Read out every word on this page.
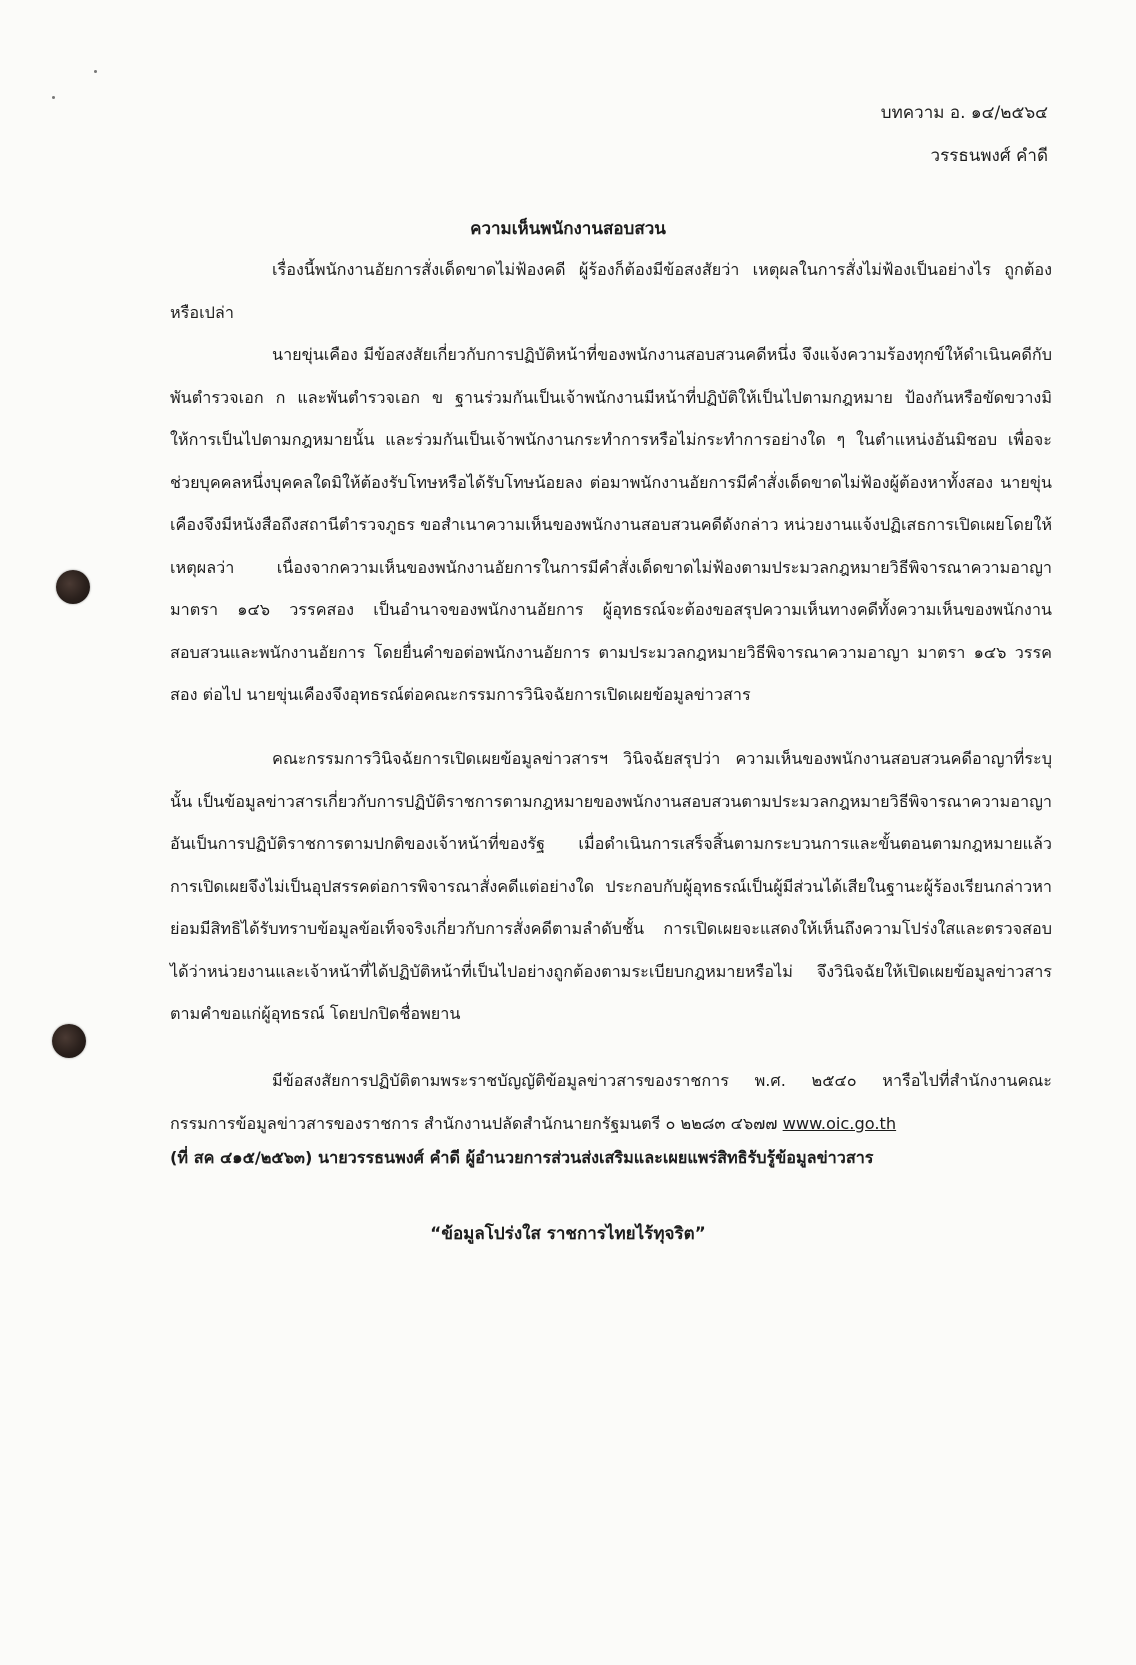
บทความ อ. ๑๔/๒๕๖๔
วรรธนพงศ์ คำดี
ความเห็นพนักงานสอบสวน

เรื่องนี้พนักงานอัยการสั่งเด็ดขาดไม่ฟ้องคดี ผู้ร้องก็ต้องมีข้อสงสัยว่า เหตุผลในการสั่งไม่ฟ้องเป็นอย่างไร ถูกต้องหรือเปล่า

นายขุ่นเคือง มีข้อสงสัยเกี่ยวกับการปฏิบัติหน้าที่ของพนักงานสอบสวนคดีหนึ่ง จึงแจ้งความร้องทุกข์ให้ดำเนินคดีกับพันตำรวจเอก ก และพันตำรวจเอก ข ฐานร่วมกันเป็นเจ้าพนักงานมีหน้าที่ปฏิบัติให้เป็นไปตามกฎหมาย ป้องกันหรือขัดขวางมิให้การเป็นไปตามกฎหมายนั้น และร่วมกันเป็นเจ้าพนักงานกระทำการหรือไม่กระทำการอย่างใด ๆ ในตำแหน่งอันมิชอบ เพื่อจะช่วยบุคคลหนึ่งบุคคลใดมิให้ต้องรับโทษหรือได้รับโทษน้อยลง ต่อมาพนักงานอัยการมีคำสั่งเด็ดขาดไม่ฟ้องผู้ต้องหาทั้งสอง นายขุ่นเคืองจึงมีหนังสือถึงสถานีตำรวจภูธร ขอสำเนาความเห็นของพนักงานสอบสวนคดีดังกล่าว หน่วยงานแจ้งปฏิเสธการเปิดเผยโดยให้เหตุผลว่า เนื่องจากความเห็นของพนักงานอัยการในการมีคำสั่งเด็ดขาดไม่ฟ้องตามประมวลกฎหมายวิธีพิจารณาความอาญา มาตรา ๑๔๖ วรรคสอง เป็นอำนาจของพนักงานอัยการ ผู้อุทธรณ์จะต้องขอสรุปความเห็นทางคดีทั้งความเห็นของพนักงานสอบสวนและพนักงานอัยการ โดยยื่นคำขอต่อพนักงานอัยการ ตามประมวลกฎหมายวิธีพิจารณาความอาญา มาตรา ๑๔๖ วรรคสอง ต่อไป นายขุ่นเคืองจึงอุทธรณ์ต่อคณะกรรมการวินิจฉัยการเปิดเผยข้อมูลข่าวสาร

คณะกรรมการวินิจฉัยการเปิดเผยข้อมูลข่าวสารฯ วินิจฉัยสรุปว่า ความเห็นของพนักงานสอบสวนคดีอาญาที่ระบุนั้น เป็นข้อมูลข่าวสารเกี่ยวกับการปฏิบัติราชการตามกฎหมายของพนักงานสอบสวนตามประมวลกฎหมายวิธีพิจารณาความอาญา อันเป็นการปฏิบัติราชการตามปกติของเจ้าหน้าที่ของรัฐ เมื่อดำเนินการเสร็จสิ้นตามกระบวนการและขั้นตอนตามกฎหมายแล้ว การเปิดเผยจึงไม่เป็นอุปสรรคต่อการพิจารณาสั่งคดีแต่อย่างใด ประกอบกับผู้อุทธรณ์เป็นผู้มีส่วนได้เสียในฐานะผู้ร้องเรียนกล่าวหา ย่อมมีสิทธิได้รับทราบข้อมูลข้อเท็จจริงเกี่ยวกับการสั่งคดีตามลำดับชั้น การเปิดเผยจะแสดงให้เห็นถึงความโปร่งใสและตรวจสอบได้ว่าหน่วยงานและเจ้าหน้าที่ได้ปฏิบัติหน้าที่เป็นไปอย่างถูกต้องตามระเบียบกฎหมายหรือไม่ จึงวินิจฉัยให้เปิดเผยข้อมูลข่าวสารตามคำขอแก่ผู้อุทธรณ์ โดยปกปิดชื่อพยาน

มีข้อสงสัยการปฏิบัติตามพระราชบัญญัติข้อมูลข่าวสารของราชการ พ.ศ. ๒๕๔๐ หารือไปที่สำนักงานคณะกรรมการข้อมูลข่าวสารของราชการ สำนักงานปลัดสำนักนายกรัฐมนตรี ๐ ๒๒๘๓ ๔๖๗๗ www.oic.go.th

(ที่ สค ๔๑๕/๒๕๖๓) นายวรรธนพงศ์ คำดี ผู้อำนวยการส่วนส่งเสริมและเผยแพร่สิทธิรับรู้ข้อมูลข่าวสาร
“ข้อมูลโปร่งใส ราชการไทยไร้ทุจริต”
